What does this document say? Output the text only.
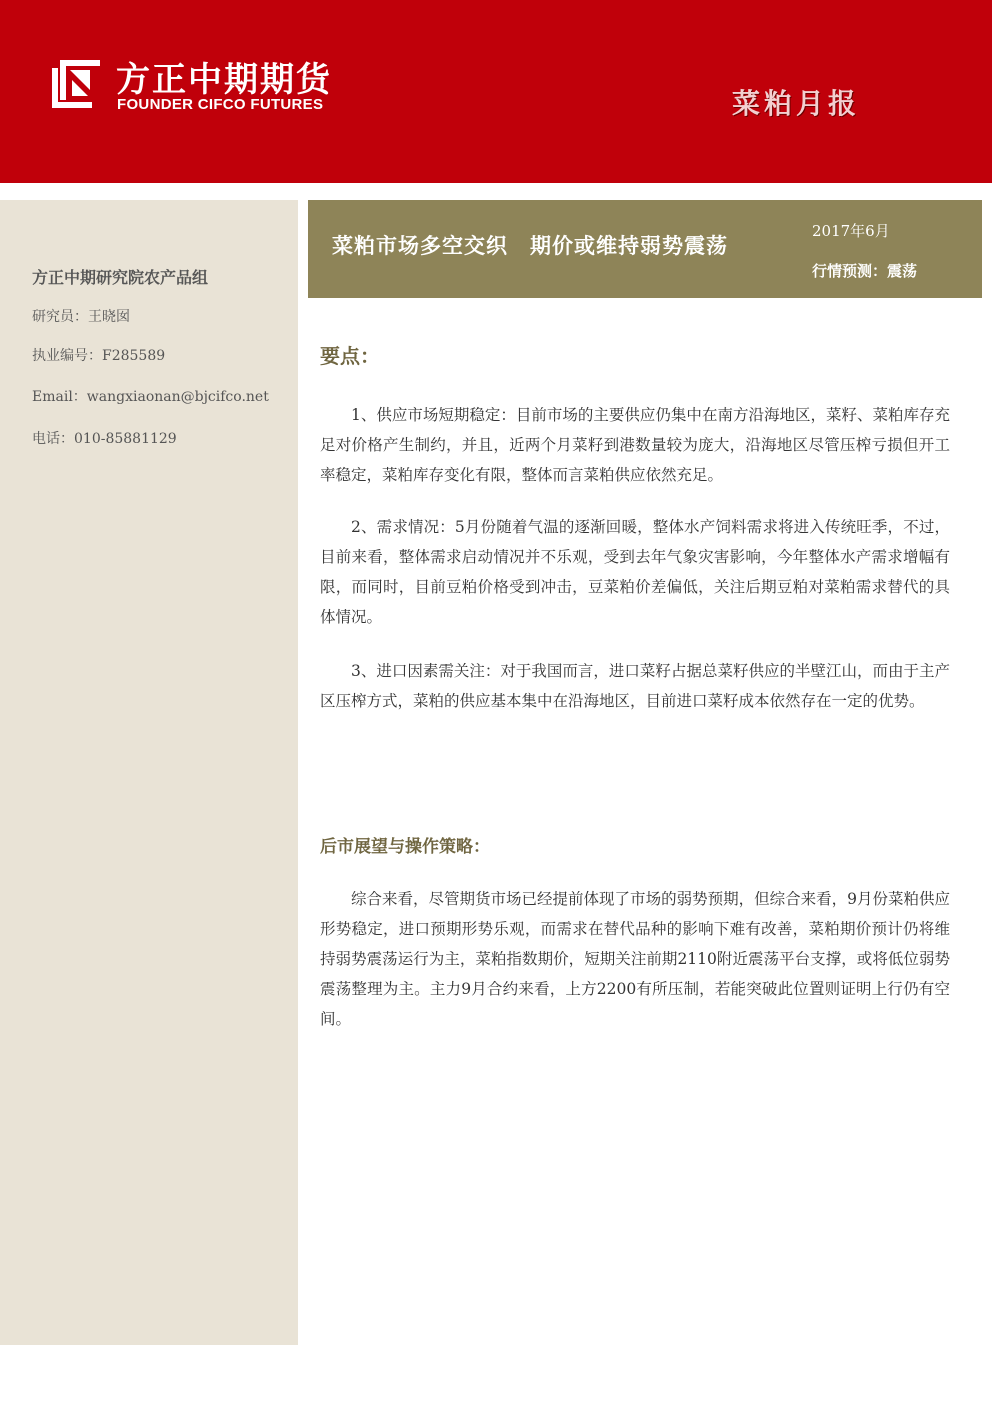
方正中期期货
FOUNDER CIFCO FUTURES	菜粕月报
方正中期研究院农产品组
研究员：王晓囡
执业编号：F285589
Email：wangxiaonan@bjcifco.net
电话：010-85881129
菜粕市场多空交织　期价或维持弱势震荡
2017年6月
行情预测：震荡
要点：
1、供应市场短期稳定：目前市场的主要供应仍集中在南方沿海地区，菜籽、菜粕库存充足对价格产生制约，并且，近两个月菜籽到港数量较为庞大，沿海地区尽管压榨亏损但开工率稳定，菜粕库存变化有限，整体而言菜粕供应依然充足。
2、需求情况：5月份随着气温的逐渐回暖，整体水产饲料需求将进入传统旺季，不过，目前来看，整体需求启动情况并不乐观，受到去年气象灾害影响，今年整体水产需求增幅有限，而同时，目前豆粕价格受到冲击，豆菜粕价差偏低，关注后期豆粕对菜粕需求替代的具体情况。
3、进口因素需关注：对于我国而言，进口菜籽占据总菜籽供应的半壁江山，而由于主产区压榨方式，菜粕的供应基本集中在沿海地区，目前进口菜籽成本依然存在一定的优势。
后市展望与操作策略：
综合来看，尽管期货市场已经提前体现了市场的弱势预期，但综合来看，9月份菜粕供应形势稳定，进口预期形势乐观，而需求在替代品种的影响下难有改善，菜粕期价预计仍将维持弱势震荡运行为主，菜粕指数期价，短期关注前期2110附近震荡平台支撑，或将低位弱势震荡整理为主。主力9月合约来看，上方2200有所压制，若能突破此位置则证明上行仍有空间。
